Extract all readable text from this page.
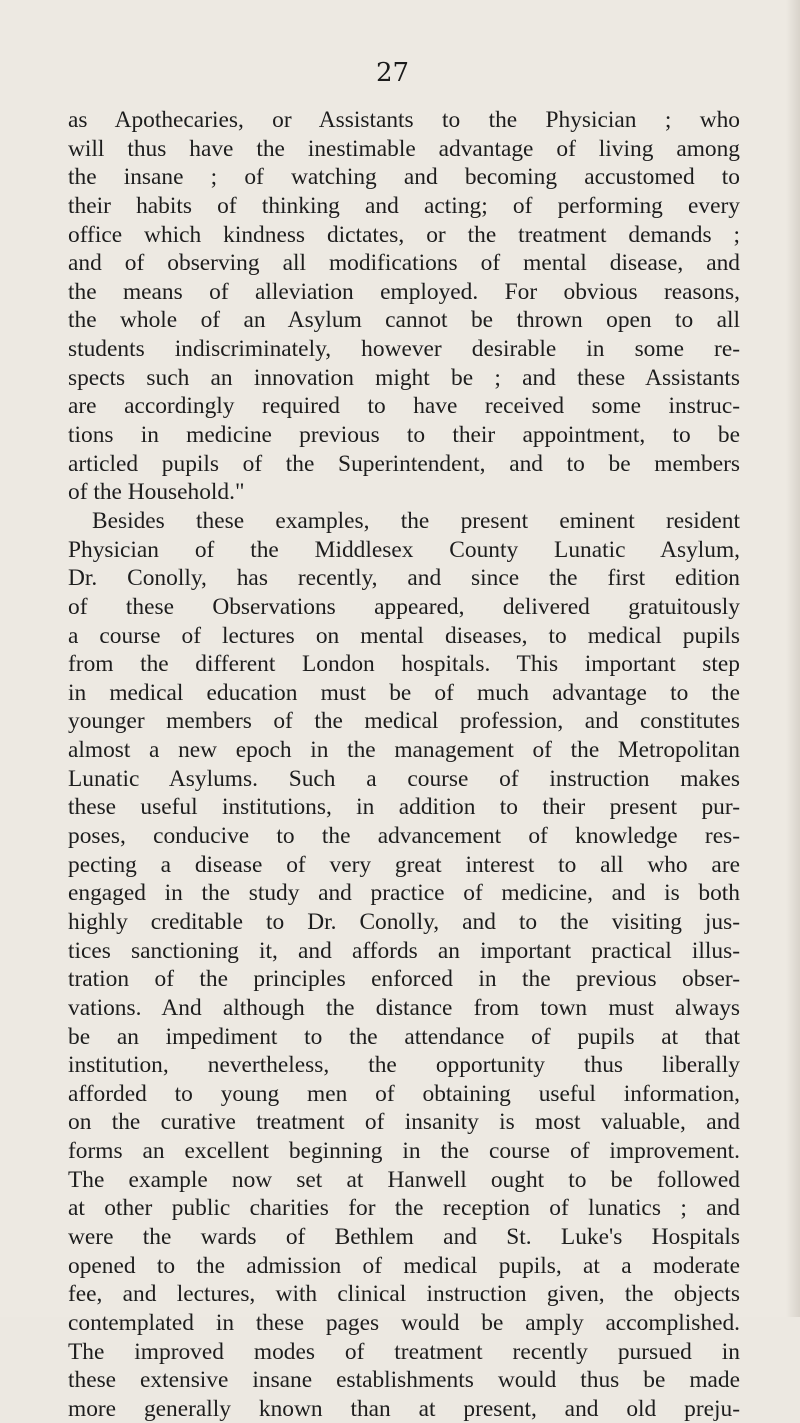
27
as Apothecaries, or Assistants to the Physician ; who
will thus have the inestimable advantage of living among
the insane ; of watching and becoming accustomed to
their habits of thinking and acting; of performing every
office which kindness dictates, or the treatment demands ;
and of observing all modifications of mental disease, and
the means of alleviation employed. For obvious reasons,
the whole of an Asylum cannot be thrown open to all
students indiscriminately, however desirable in some re-
spects such an innovation might be ; and these Assistants
are accordingly required to have received some instruc-
tions in medicine previous to their appointment, to be
articled pupils of the Superintendent, and to be members
of the Household."
Besides these examples, the present eminent resident
Physician of the Middlesex County Lunatic Asylum,
Dr. Conolly, has recently, and since the first edition
of these Observations appeared, delivered gratuitously
a course of lectures on mental diseases, to medical pupils
from the different London hospitals. This important step
in medical education must be of much advantage to the
younger members of the medical profession, and constitutes
almost a new epoch in the management of the Metropolitan
Lunatic Asylums. Such a course of instruction makes
these useful institutions, in addition to their present pur-
poses, conducive to the advancement of knowledge res-
pecting a disease of very great interest to all who are
engaged in the study and practice of medicine, and is both
highly creditable to Dr. Conolly, and to the visiting jus-
tices sanctioning it, and affords an important practical illus-
tration of the principles enforced in the previous obser-
vations. And although the distance from town must always
be an impediment to the attendance of pupils at that
institution, nevertheless, the opportunity thus liberally
afforded to young men of obtaining useful information,
on the curative treatment of insanity is most valuable, and
forms an excellent beginning in the course of improvement.
The example now set at Hanwell ought to be followed
at other public charities for the reception of lunatics ; and
were the wards of Bethlem and St. Luke's Hospitals
opened to the admission of medical pupils, at a moderate
fee, and lectures, with clinical instruction given, the objects
contemplated in these pages would be amply accomplished.
The improved modes of treatment recently pursued in
these extensive insane establishments would thus be made
more generally known than at present, and old preju-
